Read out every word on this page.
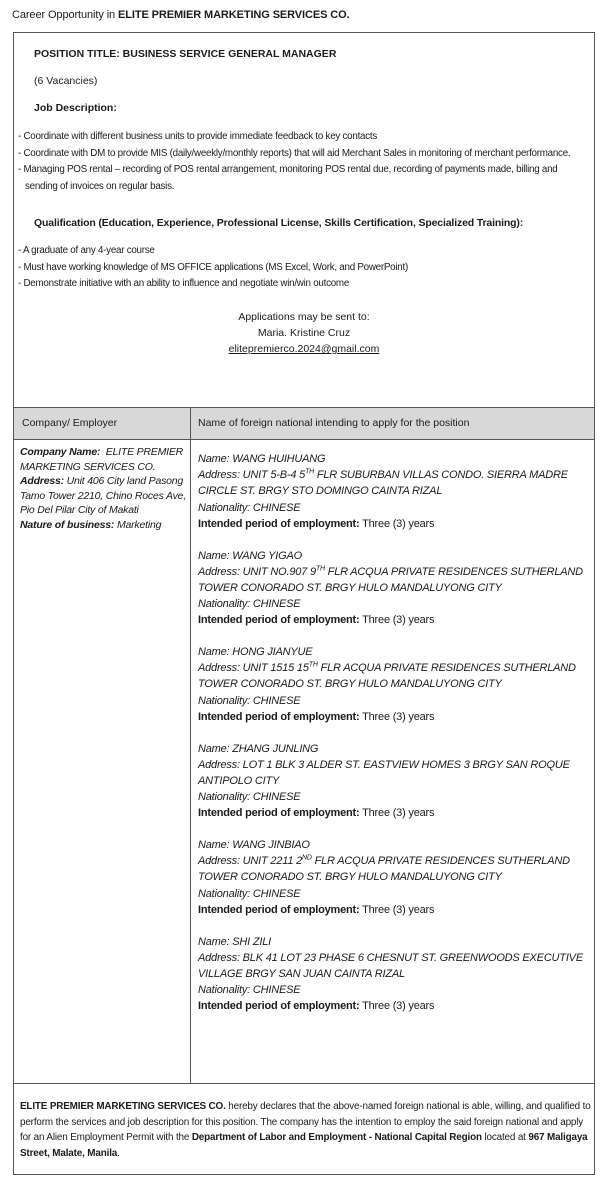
Career Opportunity in ELITE PREMIER MARKETING SERVICES CO.
POSITION TITLE: BUSINESS SERVICE GENERAL MANAGER
(6 Vacancies)
Job Description:
- Coordinate with different business units to provide immediate feedback to key contacts
- Coordinate with DM to provide MIS (daily/weekly/monthly reports) that will aid Merchant Sales in monitoring of merchant performance.
- Managing POS rental – recording of POS rental arrangement, monitoring POS rental due, recording of payments made, billing and sending of invoices on regular basis.
Qualification (Education, Experience, Professional License, Skills Certification, Specialized Training):
- A graduate of any 4-year course
- Must have working knowledge of MS OFFICE applications (MS Excel, Work, and PowerPoint)
- Demonstrate initiative with an ability to influence and negotiate win/win outcome
Applications may be sent to:
Maria. Kristine Cruz
elitepremierco.2024@gmail.com
Company/ Employer	Name of foreign national intending to apply for the position
Company Name: ELITE PREMIER MARKETING SERVICES CO.
Address: Unit 406 City land Pasong Tamo Tower 2210, Chino Roces Ave, Pio Del Pilar City of Makati
Nature of business: Marketing
Name: WANG HUIHUANG
Address: UNIT 5-B-4 5TH FLR SUBURBAN VILLAS CONDO. SIERRA MADRE CIRCLE ST. BRGY STO DOMINGO CAINTA RIZAL
Nationality: CHINESE
Intended period of employment: Three (3) years
Name: WANG YIGAO
Address: UNIT NO.907 9TH FLR ACQUA PRIVATE RESIDENCES SUTHERLAND TOWER CONORADO ST. BRGY HULO MANDALUYONG CITY
Nationality: CHINESE
Intended period of employment: Three (3) years
Name: HONG JIANYUE
Address: UNIT 1515 15TH FLR ACQUA PRIVATE RESIDENCES SUTHERLAND TOWER CONORADO ST. BRGY HULO MANDALUYONG CITY
Nationality: CHINESE
Intended period of employment: Three (3) years
Name: ZHANG JUNLING
Address: LOT 1 BLK 3 ALDER ST. EASTVIEW HOMES 3 BRGY SAN ROQUE ANTIPOLO CITY
Nationality: CHINESE
Intended period of employment: Three (3) years
Name: WANG JINBIAO
Address: UNIT 2211 2ND FLR ACQUA PRIVATE RESIDENCES SUTHERLAND TOWER CONORADO ST. BRGY HULO MANDALUYONG CITY
Nationality: CHINESE
Intended period of employment: Three (3) years
Name: SHI ZILI
Address: BLK 41 LOT 23 PHASE 6 CHESNUT ST. GREENWOODS EXECUTIVE VILLAGE BRGY SAN JUAN CAINTA RIZAL
Nationality: CHINESE
Intended period of employment: Three (3) years
ELITE PREMIER MARKETING SERVICES CO. hereby declares that the above-named foreign national is able, willing, and qualified to perform the services and job description for this position. The company has the intention to employ the said foreign national and apply for an Alien Employment Permit with the Department of Labor and Employment - National Capital Region located at 967 Maligaya Street, Malate, Manila.
